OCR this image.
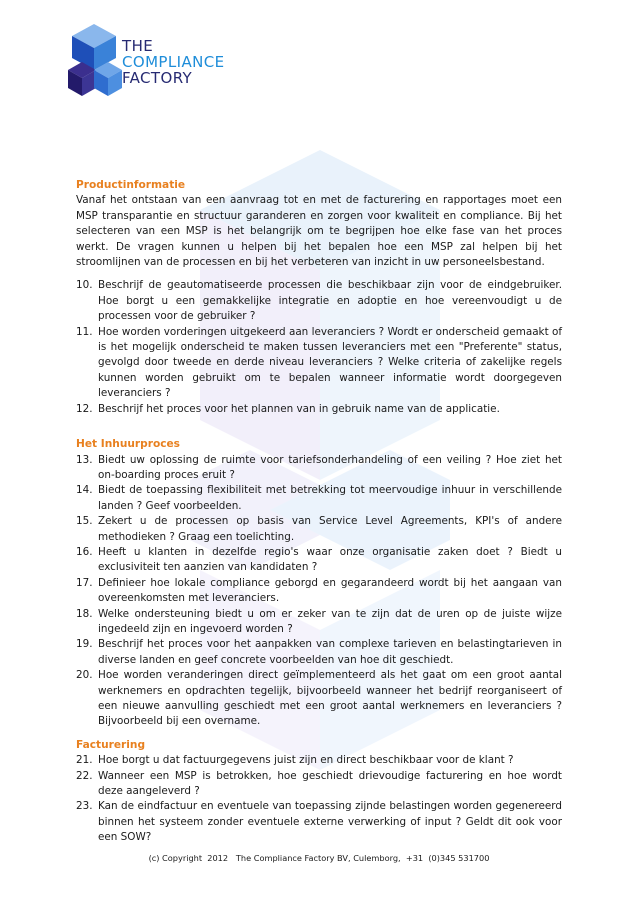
THE
COMPLIANCE
FACTORY
Productinformatie
Vanaf het ontstaan van een aanvraag tot en met de facturering en rapportages moet een MSP transparantie en structuur garanderen en zorgen voor kwaliteit en compliance. Bij het selecteren van een MSP is het belangrijk om te begrijpen hoe elke fase van het proces werkt. De vragen kunnen u helpen bij het bepalen hoe een MSP zal helpen bij het stroomlijnen van de processen en bij het verbeteren van inzicht in uw personeelsbestand.
10. Beschrijf de geautomatiseerde processen die beschikbaar zijn voor de eindgebruiker. Hoe borgt u een gemakkelijke integratie en adoptie en hoe vereenvoudigt u de processen voor de gebruiker ?
11. Hoe worden vorderingen uitgekeerd aan leveranciers ? Wordt er onderscheid gemaakt of is het mogelijk onderscheid te maken tussen leveranciers met een "Preferente" status, gevolgd door tweede en derde niveau leveranciers ? Welke criteria of zakelijke regels kunnen worden gebruikt om te bepalen wanneer informatie wordt doorgegeven leveranciers ?
12. Beschrijf het proces voor het plannen van in gebruik name van de applicatie.
Het Inhuurproces
13. Biedt uw oplossing de ruimte voor tariefsonderhandeling of een veiling ? Hoe ziet het on-boarding proces eruit ?
14. Biedt de toepassing flexibiliteit met betrekking tot meervoudige inhuur in verschillende landen ? Geef voorbeelden.
15. Zekert u de processen op basis van Service Level Agreements, KPI's of andere methodieken ? Graag een toelichting.
16. Heeft u klanten in dezelfde regio's waar onze organisatie zaken doet ? Biedt u exclusiviteit ten aanzien van kandidaten ?
17. Definieer hoe lokale compliance geborgd en gegarandeerd wordt bij het aangaan van overeenkomsten met leveranciers.
18. Welke ondersteuning biedt u om er zeker van te zijn dat de uren op de juiste wijze ingedeeld zijn en ingevoerd worden ?
19. Beschrijf het proces voor het aanpakken van complexe tarieven en belastingtarieven in diverse landen en geef concrete voorbeelden van hoe dit geschiedt.
20. Hoe worden veranderingen direct geïmplementeerd als het gaat om een groot aantal werknemers en opdrachten tegelijk, bijvoorbeeld wanneer het bedrijf reorganiseert of een nieuwe aanvulling geschiedt met een groot aantal werknemers en leveranciers ? Bijvoorbeeld bij een overname.
Facturering
21. Hoe borgt u dat factuurgegevens juist zijn en direct beschikbaar voor de klant ?
22. Wanneer een MSP is betrokken, hoe geschiedt drievoudige facturering en hoe wordt deze aangeleverd ?
23. Kan de eindfactuur en eventuele van toepassing zijnde belastingen worden gegenereerd binnen het systeem zonder eventuele externe verwerking of input ? Geldt dit ook voor een SOW?
(c) Copyright  2012   The Compliance Factory BV, Culemborg,  +31  (0)345 531700
